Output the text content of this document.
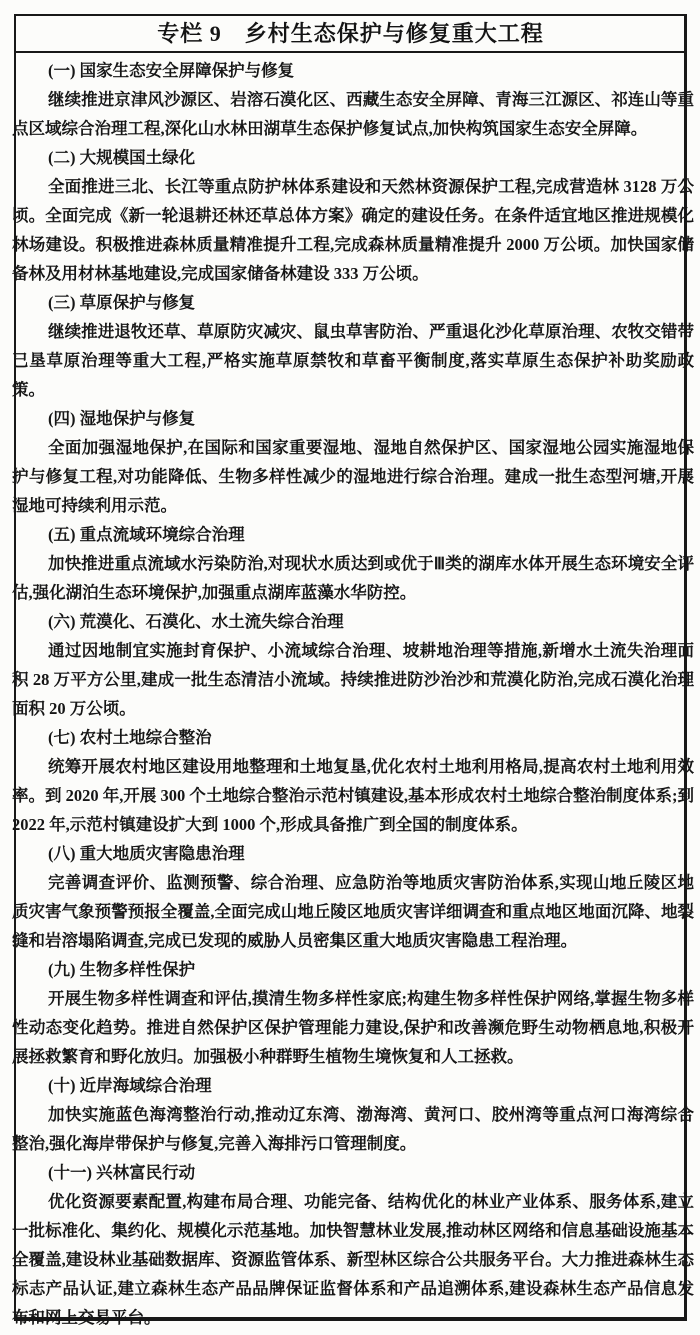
专栏 9　乡村生态保护与修复重大工程

(一) 国家生态安全屏障保护与修复

继续推进京津风沙源区、岩溶石漠化区、西藏生态安全屏障、青海三江源区、祁连山等重点区域综合治理工程,深化山水林田湖草生态保护修复试点,加快构筑国家生态安全屏障。

(二) 大规模国土绿化

全面推进三北、长江等重点防护林体系建设和天然林资源保护工程,完成营造林 3128 万公顷。全面完成《新一轮退耕还林还草总体方案》确定的建设任务。在条件适宜地区推进规模化林场建设。积极推进森林质量精准提升工程,完成森林质量精准提升 2000 万公顷。加快国家储备林及用材林基地建设,完成国家储备林建设 333 万公顷。

(三) 草原保护与修复

继续推进退牧还草、草原防灾减灾、鼠虫草害防治、严重退化沙化草原治理、农牧交错带已垦草原治理等重大工程,严格实施草原禁牧和草畜平衡制度,落实草原生态保护补助奖励政策。

(四) 湿地保护与修复

全面加强湿地保护,在国际和国家重要湿地、湿地自然保护区、国家湿地公园实施湿地保护与修复工程,对功能降低、生物多样性减少的湿地进行综合治理。建成一批生态型河塘,开展湿地可持续利用示范。

(五) 重点流域环境综合治理

加快推进重点流域水污染防治,对现状水质达到或优于Ⅲ类的湖库水体开展生态环境安全评估,强化湖泊生态环境保护,加强重点湖库蓝藻水华防控。

(六) 荒漠化、石漠化、水土流失综合治理

通过因地制宜实施封育保护、小流域综合治理、坡耕地治理等措施,新增水土流失治理面积 28 万平方公里,建成一批生态清洁小流域。持续推进防沙治沙和荒漠化防治,完成石漠化治理面积 20 万公顷。

(七) 农村土地综合整治

统筹开展农村地区建设用地整理和土地复垦,优化农村土地利用格局,提高农村土地利用效率。到 2020 年,开展 300 个土地综合整治示范村镇建设,基本形成农村土地综合整治制度体系;到 2022 年,示范村镇建设扩大到 1000 个,形成具备推广到全国的制度体系。

(八) 重大地质灾害隐患治理

完善调查评价、监测预警、综合治理、应急防治等地质灾害防治体系,实现山地丘陵区地质灾害气象预警预报全覆盖,全面完成山地丘陵区地质灾害详细调查和重点地区地面沉降、地裂缝和岩溶塌陷调查,完成已发现的威胁人员密集区重大地质灾害隐患工程治理。

(九) 生物多样性保护

开展生物多样性调查和评估,摸清生物多样性家底;构建生物多样性保护网络,掌握生物多样性动态变化趋势。推进自然保护区保护管理能力建设,保护和改善濒危野生动物栖息地,积极开展拯救繁育和野化放归。加强极小种群野生植物生境恢复和人工拯救。

(十) 近岸海域综合治理

加快实施蓝色海湾整治行动,推动辽东湾、渤海湾、黄河口、胶州湾等重点河口海湾综合整治,强化海岸带保护与修复,完善入海排污口管理制度。

(十一) 兴林富民行动

优化资源要素配置,构建布局合理、功能完备、结构优化的林业产业体系、服务体系,建立一批标准化、集约化、规模化示范基地。加快智慧林业发展,推动林区网络和信息基础设施基本全覆盖,建设林业基础数据库、资源监管体系、新型林区综合公共服务平台。大力推进森林生态标志产品认证,建立森林生态产品品牌保证监督体系和产品追溯体系,建设森林生态产品信息发布和网上交易平台。
